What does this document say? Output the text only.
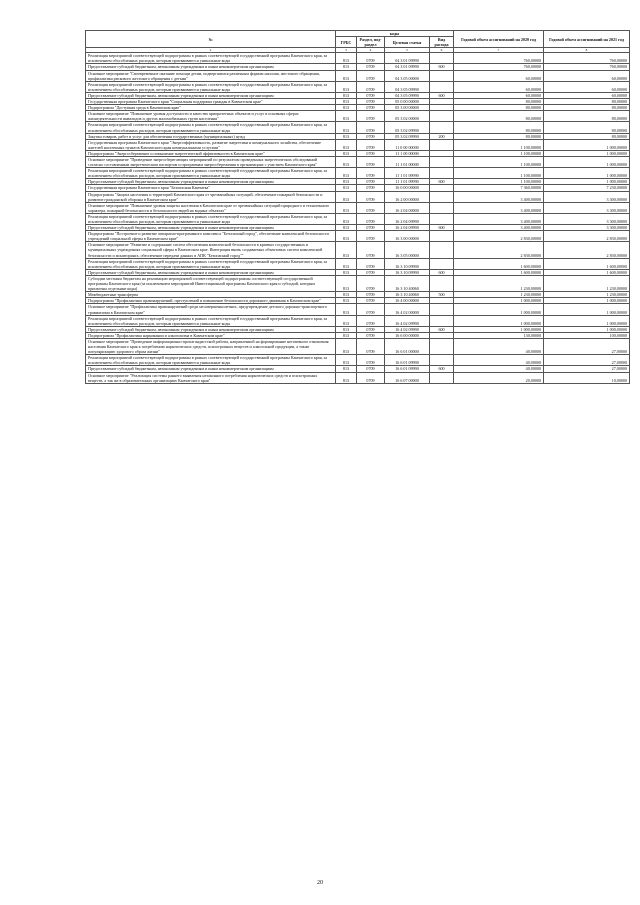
№	коды				Годовой объем ассигнований на 2020 год	Годовой объем ассигнований на 2021 год
	ГРБС	Раздел, под-раздел	Целевая статья	Вид расхода		
2	3	4	5	6	7	8
Реализация мероприятий соответствующей подпрограммы в рамках соответствующей государственной программы Камчатского края, за исключением обособленных расходов, которым присваиваются уникальные коды	813	0709	04 3 01 09990		760,00000	760,00000
Предоставление субсидий бюджетным, автономным учреждениям и иным некоммерческим организациям	813	0709	04 3 01 09990	600	760,00000	760,00000
Основное мероприятие "Своевременное оказание помощи детям, подвергшимся различным формам насилия, жестокого обращения, профилактика рискового жестокого обращения с детьми"	813	0709	04 3 05 00000		60,00000	60,00000
Реализация мероприятий соответствующей подпрограммы в рамках соответствующей государственной программы Камчатского края, за исключением обособленных расходов, которым присваиваются уникальные коды	813	0709	04 3 05 09990		60,00000	60,00000
Предоставление субсидий бюджетным, автономным учреждениям и иным некоммерческим организациям	813	0709	04 3 05 09990	600	60,00000	60,00000
Государственная программа Камчатского края "Социальная поддержка граждан в Камчатском крае"	813	0709	05 0 00 00000		80,00000	80,00000
Подпрограмма "Доступная среда в Камчатском крае"	813	0709	05 3 00 00000		80,00000	80,00000
Основное мероприятие "Повышение уровня доступности и качества приоритетных объектов и услуг в основных сферах жизнедеятельности инвалидов и других маломобильных групп населения"	813	0709	05 3 02 00000		80,00000	80,00000
Реализация мероприятий соответствующей подпрограммы в рамках соответствующей государственной программы Камчатского края, за исключением обособленных расходов, которым присваиваются уникальные коды	813	0709	05 3 02 09990		80,00000	80,00000
Закупка товаров, работ и услуг для обеспечения государственных (муниципальных) нужд	813	0709	05 3 02 09990	200	80,00000	80,00000
Государственная программа Камчатского края "Энергоэффективность, развитие энергетики и коммунального хозяйства, обеспечение жителей населенных пунктов Камчатского края коммунальными услугами"	813	0709	11 0 00 00000		1 100,00000	1 000,00000
Подпрограмма "Энергосбережение и повышение энергетической эффективности в Камчатском крае"	813	0709	11 1 00 00000		1 100,00000	1 000,00000
Основное мероприятие "Проведение энергосберегающих мероприятий по результатам проведенных энергетических обследований согласно составленным энергетическим паспортам и программам энергосбережения в организациях с участием Камчатского края"	813	0709	11 1 01 00000		1 100,00000	1 000,00000
Реализация мероприятий соответствующей подпрограммы в рамках соответствующей государственной программы Камчатского края, за исключением обособленных расходов, которым присваиваются уникальные коды	813	0709	11 1 01 09990		1 100,00000	1 000,00000
Предоставление субсидий бюджетным, автономным учреждениям и иным некоммерческим организациям	813	0709	11 1 01 09990	600	1 100,00000	1 000,00000
Государственная программа Камчатского края "Безопасная Камчатка"	813	0709	16 0 00 00000		7 360,00000	7 230,00000
Подпрограмма "Защита населения и территорий Камчатского края от чрезвычайных ситуаций, обеспечение пожарной безопасности и развитие гражданской обороны в Камчатском крае"	813	0709	16 2 00 00000		3 400,00000	3 300,00000
Основное мероприятие "Повышение уровня защиты населения в Камчатском крае от чрезвычайных ситуаций природного и техногенного характера, пожарной безопасности и безопасности людей на водных объектах"	813	0709	16 2 04 00000		3 400,00000	3 300,00000
Реализация мероприятий соответствующей подпрограммы в рамках соответствующей государственной программы Камчатского края, за исключением обособленных расходов, которым присваиваются уникальные коды	813	0709	16 2 04 09990		3 400,00000	3 300,00000
Предоставление субсидий бюджетным, автономным учреждениям и иным некоммерческим организациям	813	0709	16 2 04 09990	600	3 400,00000	3 300,00000
Подпрограмма "Построение и развитие аппаратно-программного комплекса "Безопасный город", обеспечение комплексной безопасности учреждений социальной сферы в Камчатском крае"	813	0709	16 3 00 00000		2 830,00000	2 830,00000
Основное мероприятие "Развитие и содержание систем обеспечения комплексной безопасности в краевых государственных и муниципальных учреждениях социальной сферы в Камчатском крае. Интеграция вновь создаваемых объектовых систем комплексной безопасности и мониторинга, обеспечение передачи данных в АПК "Безопасный город""	813	0709	16 3 05 00000		2 830,00000	2 830,00000
Реализация мероприятий соответствующей подпрограммы в рамках соответствующей государственной программы Камчатского края, за исключением обособленных расходов, которым присваиваются уникальные коды	813	0709	16 3 10 09990		1 600,00000	1 600,00000
Предоставление субсидий бюджетным, автономным учреждениям и иным некоммерческим организациям	813	0709	16 3 10 09990	600	1 600,00000	1 600,00000
Субсидии местным бюджетам на реализацию мероприятий соответствующей подпрограммы соответствующей государственной программы Камчатского края (за исключением мероприятий Инвестиционной программы Камчатского края и субсидий, которым присвоены отдельные коды)	813	0709	16 3 10 40060		1 230,00000	1 230,00000
Межбюджетные трансферты	813	0709	16 3 10 40060	500	1 230,00000	1 230,00000
Подпрограмма "Профилактика правонарушений, преступлений и повышение безопасности дорожного движения в Камчатском крае"	813	0709	16 4 00 00000		1 000,00000	1 000,00000
Основное мероприятие "Профилактика правонарушений среди несовершеннолетних, предупреждение детского дорожно-транспортного травматизма в Камчатском крае"	813	0709	16 4 02 00000		1 000,00000	1 000,00000
Реализация мероприятий соответствующей подпрограммы в рамках соответствующей государственной программы Камчатского края, за исключением обособленных расходов, которым присваиваются уникальные коды	813	0709	16 4 02 09990		1 000,00000	1 000,00000
Предоставление субсидий бюджетным, автономным учреждениям и иным некоммерческим организациям	813	0709	16 4 02 09990	600	1 000,00000	1 000,00000
Подпрограмма "Профилактика наркомании и алкоголизма в Камчатском крае"	813	0709	16 6 00 00000		130,00000	100,00000
Основное мероприятие "Проведение информационно-пропагандистской работы, направленной на формирование негативного отношения населения Камчатского края к потреблению наркотических средств, психотропных веществ и алкогольной продукции, а также популяризацию здорового образа жизни"	813	0709	16 6 01 00000		40,00000	27,00000
Реализация мероприятий соответствующей подпрограммы в рамках соответствующей государственной программы Камчатского края, за исключением обособленных расходов, которым присваиваются уникальные коды	813	0709	16 6 01 09990		40,00000	27,00000
Предоставление субсидий бюджетным, автономным учреждениям и иным некоммерческим организациям	813	0709	16 6 01 09990	600	40,00000	27,00000
Основное мероприятие "Реализация системы раннего выявления незаконного потребления наркотических средств и психотропных веществ, а так же в образовательных организациях Камчатского края"	813	0709	16 6 07 00000		20,00000	10,00000
20
